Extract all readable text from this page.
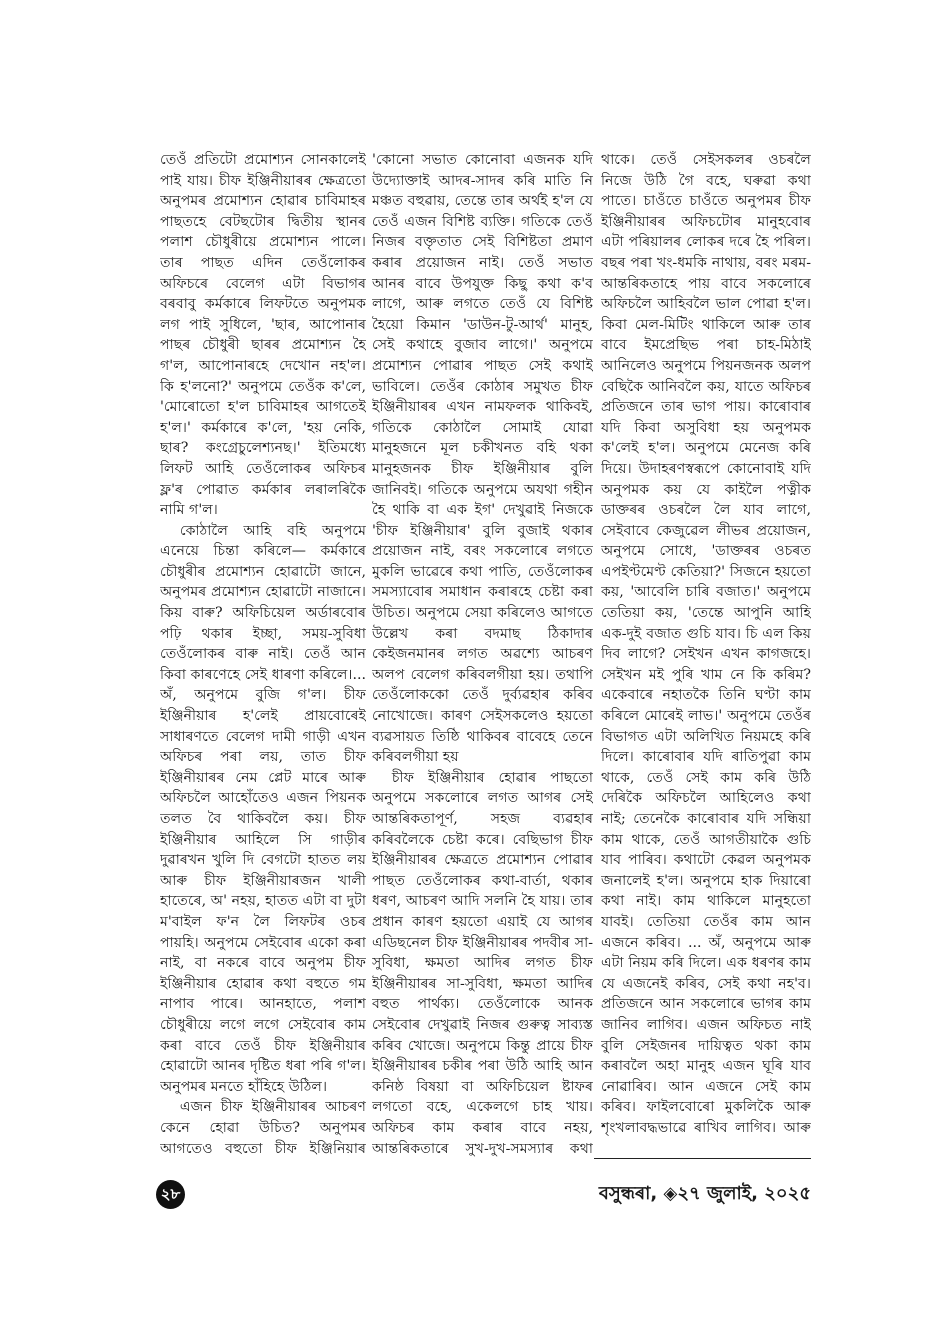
তেওঁ প্ৰতিটো প্ৰমোশ্যন সোনকালেই পাই যায়। চীফ ইঞ্জিনীয়াৰৰ ক্ষেত্ৰতো অনুপমৰ প্ৰমোশ্যন হোৱাৰ চাবিমাহৰ পাছতহে বেটছটোৰ দ্বিতীয় স্থানৰ পলাশ চৌধুৰীয়ে প্ৰমোশ্যন পালে। তাৰ পাছত এদিন তেওঁলোকৰ অফিচৰে বেলেগ এটা বিভাগৰ বৰবাবু কৰ্মকাৰে লিফটতে অনুপমক লগ পাই সুধিলে, 'ছাৰ, আপোনাৰ পাছৰ চৌধুৰী ছাৰৰ প্ৰমোশ্যন হৈ গ'ল, আপোনাৰহে দেখোন নহ'ল। কি হ'লনো?' অনুপমে তেওঁক ক'লে, 'মোৰোতো হ'ল চাবিমাহৰ আগতেই হ'ল।' কৰ্মকাৰে ক'লে, 'হয় নেকি, ছাৰ? কংগ্ৰেচুলেশ্যনছ।' ইতিমধ্যে লিফট আহি তেওঁলোকৰ অফিচৰ ফ্ল'ৰ পোৱাত কৰ্মকাৰ লৰালৰিকৈ নামি গ'ল।

কোঠালৈ আহি বহি অনুপমে এনেয়ে চিন্তা কৰিলে— কৰ্মকাৰে চৌধুৰীৰ প্ৰমোশ্যন হোৱাটো জানে, অনুপমৰ প্ৰমোশ্যন হোৱাটো নাজানে। কিয় বাৰু? অফিচিয়েল অৰ্ডাৰবোৰ পঢ়ি থকাৰ ইচ্ছা, সময়-সুবিধা তেওঁলোকৰ বাৰু নাই। তেওঁ আন কিবা কাৰণেহে সেই ধাৰণা কৰিলে।... অঁ, অনুপমে বুজি গ'ল। চীফ ইঞ্জিনীয়াৰ হ'লেই প্ৰায়বোৰেই সাধাৰণতে বেলেগ দামী গাড়ী এখন অফিচৰ পৰা লয়, তাত চীফ ইঞ্জিনীয়াৰৰ নেম প্লেট মাৰে আৰু অফিচলৈ আহোঁতেও এজন পিয়নক তলত বৈ থাকিবলৈ কয়। চীফ ইঞ্জিনীয়াৰ আহিলে সি গাড়ীৰ দুৱাৰখন খুলি দি বেগটো হাতত লয় আৰু চীফ ইঞ্জিনীয়াৰজন খালী হাতেৰে, অ' নহয়, হাতত এটা বা দুটা ম'বাইল ফ'ন লৈ লিফটৰ ওচৰ পায়হি। অনুপমে সেইবোৰ একো কৰা নাই, বা নকৰে বাবে অনুপম চীফ ইঞ্জিনীয়াৰ হোৱাৰ কথা বহুতে গম নাপাব পাৰে। আনহাতে, পলাশ চৌধুৰীয়ে লগে লগে সেইবোৰ কাম কৰা বাবে তেওঁ চীফ ইঞ্জিনীয়াৰ হোৱাটো আনৰ দৃষ্টিত ধৰা পৰি গ'ল। অনুপমৰ মনতে হাঁহিহে উঠিল।

এজন চীফ ইঞ্জিনীয়াৰৰ আচৰণ কেনে হোৱা উচিত? অনুপমৰ আগতেও বহুতো চীফ ইঞ্জিনিয়াৰ

'কোনো সভাত কোনোবা এজনক যদি উদ্যোক্তাই আদৰ-সাদৰ কৰি মাতি নি মঞ্চত বহুৱায়, তেন্তে তাৰ অৰ্থই হ'ল যে তেওঁ এজন বিশিষ্ট ব্যক্তি। গতিকে তেওঁ নিজৰ বক্তৃতাত সেই বিশিষ্টতা প্ৰমাণ কৰাৰ প্ৰয়োজন নাই। তেওঁ সভাত আনৰ বাবে উপযুক্ত কিছু কথা ক'ব লাগে, আৰু লগতে তেওঁ যে বিশিষ্ট হৈয়ো কিমান 'ডাউন-টু-আৰ্থ' মানুহ, সেই কথাহে বুজাব লাগে।' অনুপমে প্ৰমোশ্যন পোৱাৰ পাছত সেই কথাই ভাবিলে। তেওঁৰ কোঠাৰ সমুখত চীফ ইঞ্জিনীয়াৰৰ এখন নামফলক থাকিবই, গতিকে কোঠালৈ সোমাই যোৱা মানুহজনে মূল চকীখনত বহি থকা মানুহজনক চীফ ইঞ্জিনীয়াৰ বুলি জানিবই। গতিকে অনুপমে অযথা গহীন হৈ থাকি বা এক ইগ' দেখুৱাই নিজকে 'চীফ ইঞ্জিনীয়াৰ' বুলি বুজাই থকাৰ প্ৰয়োজন নাই, বৰং সকলোৰে লগতে মুকলি ভাৱেৰে কথা পাতি, তেওঁলোকৰ সমস্যাবোৰ সমাধান কৰাৰহে চেষ্টা কৰা উচিত। অনুপমে সেয়া কৰিলেও আগতে উল্লেখ কৰা বদমাছ ঠিকাদাৰ কেইজনমানৰ লগত অৱশ্যে আচৰণ অলপ বেলেগ কৰিবলগীয়া হয়। তথাপি তেওঁলোককো তেওঁ দুৰ্ব্যৱহাৰ কৰিব নোখোজে। কাৰণ সেইসকলেও হয়তো ব্যৱসায়ত তিষ্ঠি থাকিবৰ বাবেহে তেনে কৰিবলগীয়া হয়

চীফ ইঞ্জিনীয়াৰ হোৱাৰ পাছতো অনুপমে সকলোৰে লগত আগৰ সেই আন্তৰিকতাপূৰ্ণ, সহজ ব্যৱহাৰ কৰিবলৈকে চেষ্টা কৰে। বেছিভাগ চীফ ইঞ্জিনীয়াৰৰ ক্ষেত্ৰতে প্ৰমোশ্যন পোৱাৰ পাছত তেওঁলোকৰ কথা-বাৰ্তা, থকাৰ ধৰণ, আচৰণ আদি সলনি হৈ যায়। তাৰ প্ৰধান কাৰণ হয়তো এয়াই যে আগৰ এডিছনেল চীফ ইঞ্জিনীয়াৰৰ পদবীৰ সা-সুবিধা, ক্ষমতা আদিৰ লগত চীফ ইঞ্জিনীয়াৰৰ সা-সুবিধা, ক্ষমতা আদিৰ বহুত পাৰ্থক্য। তেওঁলোকে আনক সেইবোৰ দেখুৱাই নিজৰ গুৰুত্ব সাব্যস্ত কৰিব খোজে। অনুপমে কিন্তু প্ৰায়ে চীফ ইঞ্জিনীয়াৰৰ চকীৰ পৰা উঠি আহি আন কনিষ্ঠ বিষয়া বা অফিচিয়েল ষ্টাফৰ লগতো বহে, একেলগে চাহ খায়। অফিচৰ কাম কৰাৰ বাবে নহয়, আন্তৰিকতাৰে সুখ-দুখ-সমস্যাৰ কথা

থাকে। তেওঁ সেইসকলৰ ওচৰলৈ নিজে উঠি গৈ বহে, ঘৰুৱা কথা পাতে। চাওঁতে চাওঁতে অনুপমৰ চীফ ইঞ্জিনীয়াৰৰ অফিচটোৰ মানুহবোৰ এটা পৰিয়ালৰ লোকৰ দৰে হৈ পৰিল। বছৰ পৰা খং-ধমকি নাথায়, বৰং মৰম-আন্তৰিকতাহে পায় বাবে সকলোৰে অফিচলৈ আহিবলৈ ভাল পোৱা হ'ল। কিবা মেল-মিটিং থাকিলে আৰু তাৰ বাবে ইমপ্ৰেছিভ পৰা চাহ-মিঠাই আনিলেও অনুপমে পিয়নজনক অলপ বেছিকৈ আনিবলৈ কয়, যাতে অফিচৰ প্ৰতিজনে তাৰ ভাগ পায়। কাৰোবাৰ যদি কিবা অসুবিধা হয় অনুপমক ক'লেই হ'ল। অনুপমে মেনেজ কৰি দিয়ে। উদাহৰণস্বৰূপে কোনোবাই যদি অনুপমক কয় যে কাইলৈ পত্নীক ডাক্তৰৰ ওচৰলৈ লৈ যাব লাগে, সেইবাবে কেজুৱেল লীভৰ প্ৰয়োজন, অনুপমে সোধে, 'ডাক্তৰৰ ওচৰত এপইণ্টমেণ্ট কেতিয়া?' সিজনে হয়তো কয়, 'আবেলি চাৰি বজাত।' অনুপমে তেতিয়া কয়, 'তেন্তে আপুনি আহি এক-দুই বজাত গুচি যাব। চি এল কিয় দিব লাগে? সেইখন এখন কাগজহে। সেইখন মই পুৰি খাম নে কি কৰিম? একেবাৰে নহাতকৈ তিনি ঘণ্টা কাম কৰিলে মোৰেই লাভ।' অনুপমে তেওঁৰ বিভাগত এটা অলিখিত নিয়মহে কৰি দিলে। কাৰোবাৰ যদি ৰাতিপুৱা কাম থাকে, তেওঁ সেই কাম কৰি উঠি দেৰিকৈ অফিচলৈ আহিলেও কথা নাই; তেনেকৈ কাৰোবাৰ যদি সন্ধিয়া কাম থাকে, তেওঁ আগতীয়াকৈ গুচি যাব পাৰিব। কথাটো কেৱল অনুপমক জনালেই হ'ল। অনুপমে হাক দিয়াৰো কথা নাই। কাম থাকিলে মানুহতো যাবই। তেতিয়া তেওঁৰ কাম আন এজনে কৰিব। ... অঁ, অনুপমে আৰু এটা নিয়ম কৰি দিলে। এক ধৰণৰ কাম যে এজনেই কৰিব, সেই কথা নহ'ব। প্ৰতিজনে আন সকলোৰে ভাগৰ কাম জানিব লাগিব। এজন অফিচত নাই বুলি সেইজনৰ দায়িত্বত থকা কাম কৰাবলৈ অহা মানুহ এজন ঘূৰি যাব নোৱাৰিব। আন এজনে সেই কাম কৰিব। ফাইলবোৰো মুকলিকৈ আৰু শৃংখলাবদ্ধভাৱে ৰাখিব লাগিব। আৰু

২৮	বসুন্ধৰা, ◈২৭ জুলাই, ২০২৫
